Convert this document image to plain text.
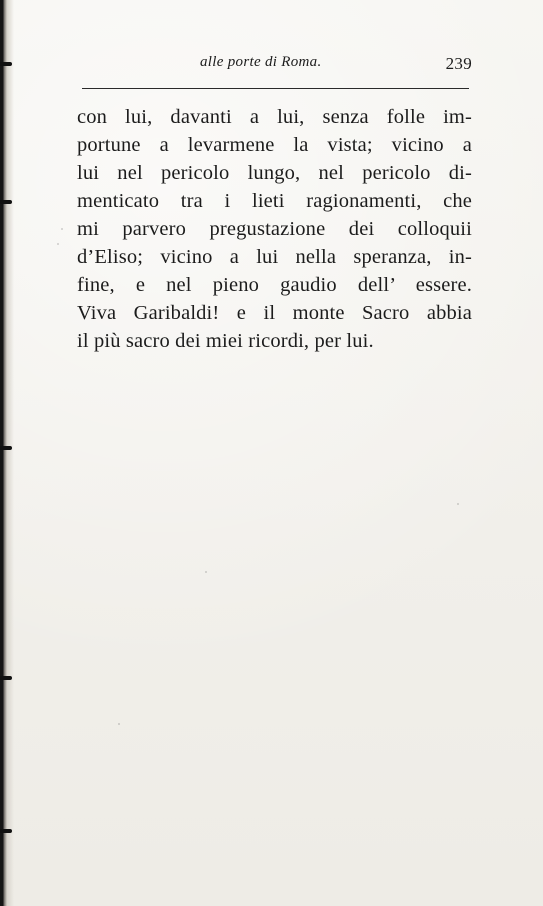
alle porte di Roma.	239
con lui, davanti a lui, senza folle im-
portune a levarmene la vista; vicino a
lui nel pericolo lungo, nel pericolo di-
menticato tra i lieti ragionamenti, che
mi parvero pregustazione dei colloquii
d’Eliso; vicino a lui nella speranza, in-
fine, e nel pieno gaudio dell’ essere.
Viva Garibaldi! e il monte Sacro abbia
il più sacro dei miei ricordi, per lui.
